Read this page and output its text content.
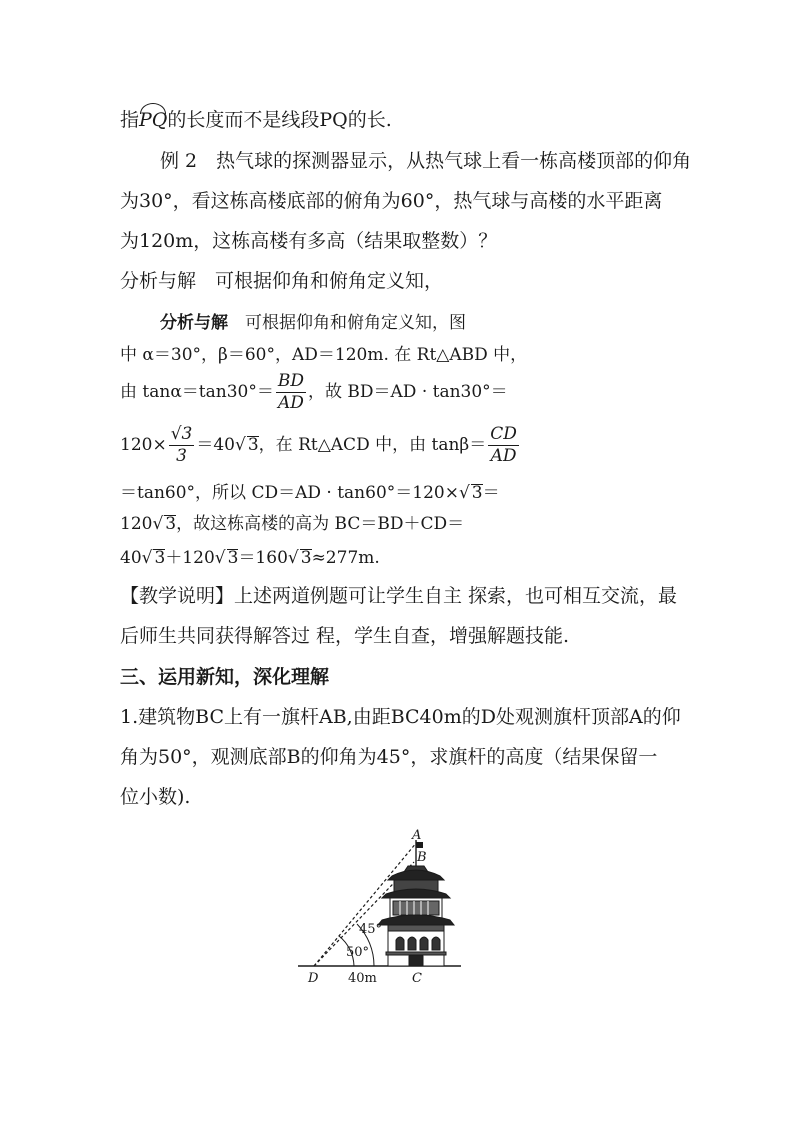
指PQ的长度而不是线段PQ的长.
例 2　热气球的探测器显示，从热气球上看一栋高楼顶部的仰角
为30°，看这栋高楼底部的俯角为60°，热气球与高楼的水平距离
为120m，这栋高楼有多高（结果取整数）？
分析与解　可根据仰角和俯角定义知，
分析与解　可根据仰角和俯角定义知，图
中 α＝30°，β＝60°，AD＝120m. 在 Rt△ABD 中，
由 $\tan\alpha=\tan 30^\circ= \frac{BD}{AD}$ ，故 BD＝AD · tan30°＝
$120\times \frac{√3}{3} =40√$ 3，在 Rt△ACD 中，由 $\tan\beta= \frac{CD}{AD}$
＝tan60°，所以 CD＝AD · tan60°＝120×√ 3＝
120√ 3，故这栋高楼的高为 BC＝BD＋CD＝
40√ 3＋120√ 3＝160√ 3≈277m.
【教学说明】上述两道例题可让学生自主 探索，也可相互交流，最
后师生共同获得解答过 程，学生自查，增强解题技能.
三、运用新知，深化理解
1.建筑物BC上有一旗杆AB,由距BC40m的D处观测旗杆顶部A的仰
角为50°，观测底部B的仰角为45°，求旗杆的高度（结果保留一
位小数).
A
B
C
D
50°
45°
40m
